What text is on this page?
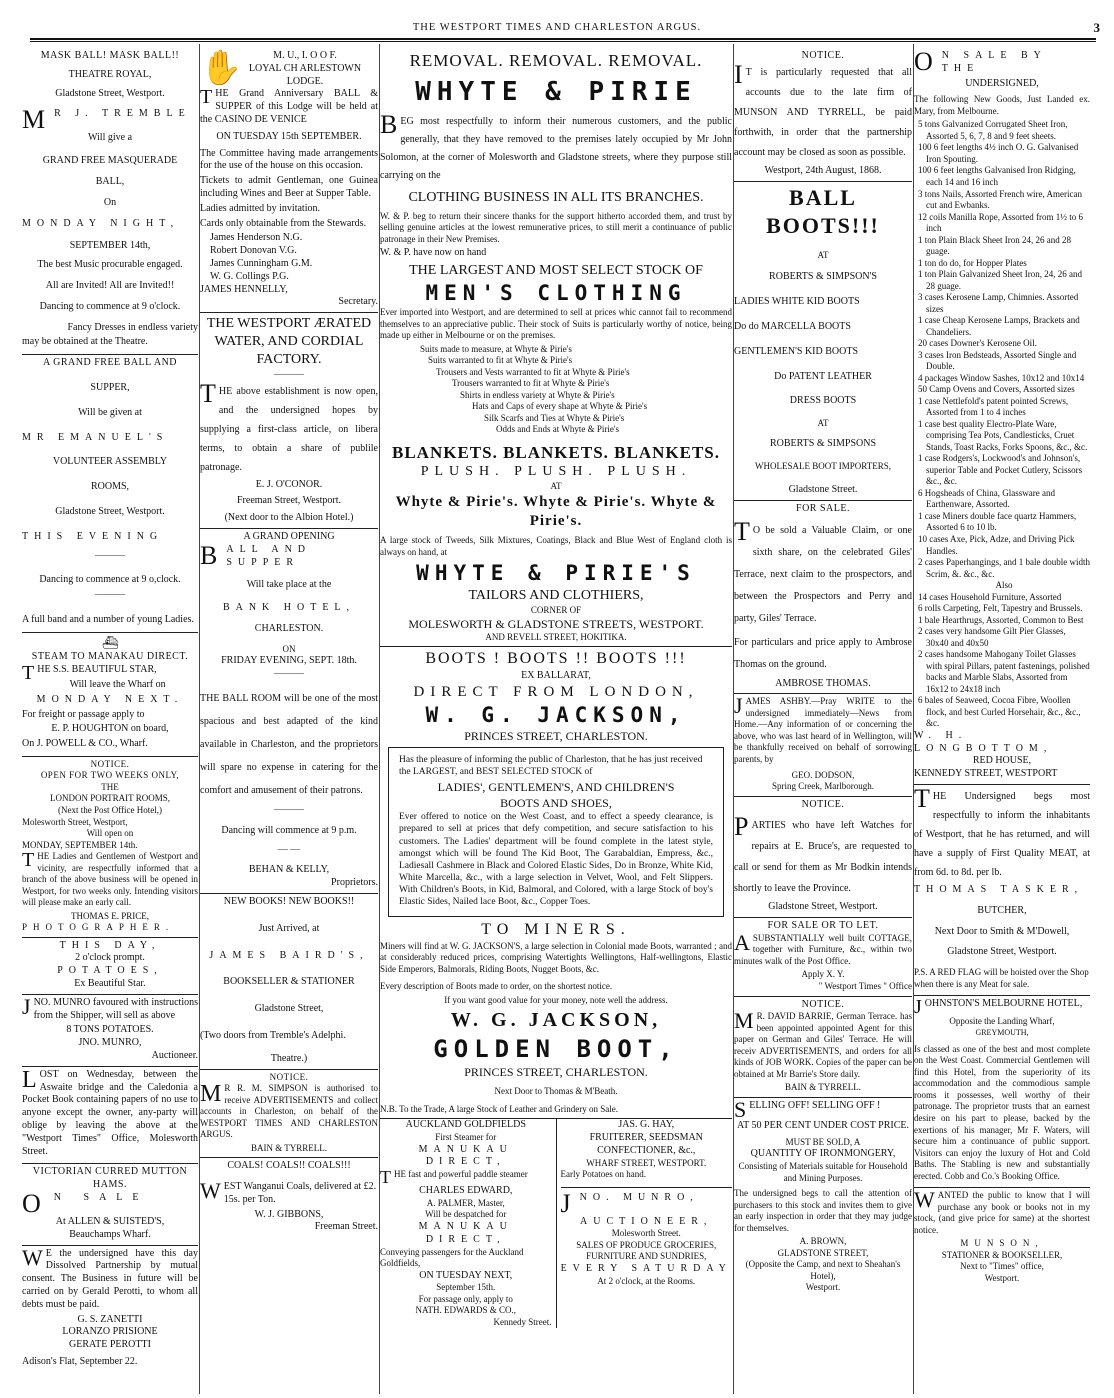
THE WESTPORT TIMES AND CHARLESTON ARGUS.	3
MASK BALL! MASK BALL!!

THEATRE ROYAL,

Gladstone Street, Westport.

M R J. TREMBLE

Will give a

GRAND FREE MASQUERADE

BALL,

On

MONDAY NIGHT,

SEPTEMBER 14th,

The best Music procurable engaged.

All are Invited! All are Invited!!

Dancing to commence at 9 o'clock.

Fancy Dresses in endless variety

may be obtained at the Theatre.

A GRAND FREE BALL AND

SUPPER,

Will be given at

MR EMANUEL'S

VOLUNTEER ASSEMBLY

ROOMS,

Gladstone Street, Westport.

THIS EVENING

———

Dancing to commence at 9 o,clock.

———

A full band and a number of young Ladies.

⛴
STEAM TO MANAKAU DIRECT.

THE S.S. BEAUTIFUL STAR,

Will leave the Wharf on

MONDAY NEXT.

For freight or passage apply to

E. P. HOUGHTON on board,

On J. POWELL & CO., Wharf.

NOTICE.
OPEN FOR TWO WEEKS ONLY,
THE
LONDON PORTRAIT ROOMS,
(Next the Post Office Hotel,)
Molesworth Street, Westport,
Will open on
MONDAY, SEPTEMBER 14th.

THE Ladies and Gentlemen of Westport and vicinity, are respectfully informed that a branch of the above business will be opened in Westport, for two weeks only. Intending visitors will please make an early call.

THOMAS E. PRICE,
PHOTOGRAPHER.
THIS DAY,
2 o'clock prompt.
POTATOES,
Ex Beautiful Star.

JNO. MUNRO favoured with instructions from the Shipper, will sell as above

8 TONS POTATOES.
JNO. MUNRO,
Auctioneer.

LOST on Wednesday, between the Aswaite bridge and the Caledonia a Pocket Book containing papers of no use to anyone except the owner, any-party will oblige by leaving the above at the "Westport Times" Office, Molesworth Street.

VICTORIAN CURRED MUTTON HAMS.

O N SALE

At ALLEN & SUISTED'S,
Beauchamps Wharf.

W E the undersigned have this day Dissolved Partnership by mutual consent. The Business in future will be carried on by Gerald Perotti, to whom all debts must be paid.

G. S. ZANETTI
LORANZO PRISIONE
GERATE PEROTTI
Adison's Flat, September 22.
✋	M. U., I. O O F.
LOYAL CH ARLESTOWN
LODGE.

THE Grand Anniversary BALL & SUPPER of this Lodge will be held at the CASINO DE VENICE

ON TUESDAY 15th SEPTEMBER.

The Committee having made arrangements for the use of the house on this occasion.

Tickets to admit Gentleman, one Guinea including Wines and Beer at Supper Table.

Ladies admitted by invitation.

Cards only obtainable from the Stewards.

James Henderson N.G.
Robert Donovan V.G.
James Cunningham G.M.
W. G. Collings P.G.
JAMES HENNELLY,
Secretary.
THE WESTPORT ÆRATED
WATER, AND CORDIAL
FACTORY.
———

THE above establishment is now open, and the undersigned hopes by supplying a first-class article, on libera terms, to obtain a share of publile patronage.

E. J. O'CONOR.
Freeman Street, Westport.
(Next door to the Albion Hotel.)
A GRAND OPENING

BALL AND SUPPER

Will take place at the
BANK HOTEL,
CHARLESTON.
ON
FRIDAY EVENING, SEPT. 18th.
———

THE BALL ROOM will be one of the most spacious and best adapted of the kind available in Charleston, and the proprietors will spare no expense in catering for the comfort and amusement of their patrons.

———
Dancing will commence at 9 p.m.
— —
BEHAN & KELLY,
Proprietors.
NEW BOOKS! NEW BOOKS!!
Just Arrived, at
JAMES BAIRD'S,
BOOKSELLER & STATIONER
Gladstone Street,
(Two doors from Tremble's Adelphi.
Theatre.)
NOTICE.

M R R. M. SIMPSON is authorised to receive ADVERTISEMENTS and collect accounts in Charleston, on behalf of the WESTPORT TIMES AND CHARLESTON ARGUS.

BAIN & TYRRELL.
COALS! COALS!! COALS!!!

WEST Wanganui Coals, delivered at £2. 15s. per Ton.

W. J. GIBBONS,
Freeman Street.
REMOVAL. REMOVAL. REMOVAL.
WHYTE & PIRIE

BEG most respectfully to inform their numerous customers, and the public generally, that they have removed to the premises lately occupied by Mr John Solomon, at the corner of Molesworth and Gladstone streets, where they purpose still carrying on the

CLOTHING BUSINESS IN ALL ITS BRANCHES.

W. & P. beg to return their sincere thanks for the support hitherto accorded them, and trust by selling genuine articles at the lowest remunerative prices, to still merit a continuance of public patronage in their New Premises.

W. & P. have now on hand

THE LARGEST AND MOST SELECT STOCK OF
MEN'S CLOTHING

Ever imported into Westport, and are determined to sell at prices whic cannot fail to recommend themselves to an appreciative public. Their stock of Suits is particularly worthy of notice, being made up either in Melbourne or on the premises.

Suits made to measure, at Whyte & Pirie's
Suits warranted to fit at Whyte & Pirie's
Trousers and Vests warranted to fit at Whyte & Pirie's
Trousers warranted to fit at Whyte & Pirie's
Shirts in endless variety at Whyte & Pirie's
Hats and Caps of every shape at Whyte & Pirie's
Silk Scarfs and Ties at Whyte & Pirie's
Odds and Ends at Whyte & Pirie's
BLANKETS. BLANKETS. BLANKETS.
PLUSH. PLUSH. PLUSH.
AT
Whyte & Pirie's. Whyte & Pirie's. Whyte & Pirie's.

A large stock of Tweeds, Silk Mixtures, Coatings, Black and Blue West of England cloth is always on hand, at

WHYTE & PIRIE'S
TAILORS AND CLOTHIERS,
CORNER OF
MOLESWORTH & GLADSTONE STREETS, WESTPORT.
AND REVELL STREET, HOKITIKA.
BOOTS ! BOOTS !! BOOTS !!!
EX BALLARAT,
DIRECT FROM LONDON,
W. G. JACKSON,
PRINCES STREET, CHARLESTON.

Has the pleasure of informing the public of Charleston, that he has just received the LARGEST, and BEST SELECTED STOCK of

LADIES', GENTLEMEN'S, AND CHILDREN'S
BOOTS AND SHOES,

Ever offered to notice on the West Coast, and to effect a speedy clearance, is prepared to sell at prices that defy competition, and secure satisfaction to his customers. The Ladies' department will be found complete in the latest style, amongst which will be found The Kid Boot, The Garabaldian, Empress, &c., Ladiesall Cashmere in Black and Colored Elastic Sides, Do in Bronze, White Kid, White Marcella, &c., with a large selection in Velvet, Wool, and Felt Slippers. With Children's Boots, in Kid, Balmoral, and Colored, with a large Stock of boy's Elastic Sides, Nailed lace Boot, &c., Copper Toes.

TO MINERS.

Miners will find at W. G. JACKSON'S, a large selection in Colonial made Boots, warranted ; and at considerably reduced prices, comprising Watertights Wellingtons, Half-wellingtons, Elastic Side Emperors, Balmorals, Riding Boots, Nugget Boots, &c.

Every description of Boots made to order, on the shortest notice.

If you want good value for your money, note well the address.

W. G. JACKSON,
GOLDEN BOOT,
PRINCES STREET, CHARLESTON.
Next Door to Thomas & M'Beath.
N.B. To the Trade, A large Stock of Leather and Grindery on Sale.
AUCKLAND GOLDFIELDS
First Steamer for
MANUKAU DIRECT,

THE fast and powerful paddle steamer

CHARLES EDWARD,
A. PALMER, Master,
Will be despatched for
MANUKAU DIRECT,
Conveying passengers for the Auckland Goldfields,
ON TUESDAY NEXT,
September 15th.
For passage only, apply to
NATH. EDWARDS & CO.,
Kennedy Street.
JAS. G. HAY,
FRUITERER, SEEDSMAN
CONFECTIONER, &c.,
WHARF STREET, WESTPORT.
Early Potatoes on hand.

JNO. MUNRO,

AUCTIONEER,
Molesworth Street.
SALES OF PRODUCE GROCERIES, FURNITURE AND SUNDRIES,
EVERY SATURDAY
At 2 o'clock, at the Rooms.
NOTICE.

I T is particularly requested that all accounts due to the late firm of MUNSON AND TYRRELL, be paid forthwith, in order that the partnership account may be closed as soon as possible.

Westport, 24th August, 1868.
BALL BOOTS!!!
AT
ROBERTS & SIMPSON'S
LADIES WHITE KID BOOTS
Do do MARCELLA BOOTS
GENTLEMEN'S KID BOOTS
Do PATENT LEATHER
DRESS BOOTS
AT
ROBERTS & SIMPSONS
WHOLESALE BOOT IMPORTERS,
Gladstone Street.
FOR SALE.

T O be sold a Valuable Claim, or one sixth share, on the celebrated Giles' Terrace, next claim to the prospectors, and between the Prospectors and Perry and party, Giles' Terrace.

For particulars and price apply to Ambrose Thomas on the ground.

AMBROSE THOMAS.

JAMES ASHBY.—Pray WRITE to the undersigned immediately—News from Home.—Any information of or concerning the above, who was last heard of in Wellington, will be thankfully received on behalf of sorrowing parents, by

GEO. DODSON,
Spring Creek, Marlborough.
NOTICE.

PARTIES who have left Watches for repairs at E. Bruce's, are requested to call or send for them as Mr Bodkin intends shortly to leave the Province.

Gladstone Street, Westport.
FOR SALE OR TO LET.

ASUBSTANTIALLY well built COTTAGE, together with Furniture, &c., within two minutes walk of the Post Office.

Apply X. Y.
" Westport Times " Office
NOTICE.

M R. DAVID BARRIE, German Terrace. has been appointed appointed Agent for this paper on German and Giles' Terrace. He will receiv ADVERTISEMENTS, and orders for all kinds of JOB WORK. Copies of the paper can be obtained at Mr Barrie's Store daily.

BAIN & TYRRELL.

SELLING OFF! SELLING OFF !

AT 50 PER CENT UNDER COST PRICE.
MUST BE SOLD, A
QUANTITY OF IRONMONGERY,
Consisting of Materials suitable for Household and Mining Purposes.

The undersigned begs to call the attention of purchasers to this stock and invites them to give an early inspection in order that they may judge for themselves.

A. BROWN,
GLADSTONE STREET,
(Opposite the Camp, and next to Sheahan's Hotel),
Westport.

O N SALE BY THE

UNDERSIGNED,

The following New Goods, Just Landed ex. Mary, from Melbourne.

5 tons Galvanized Corrugated Sheet Iron, Assorted 5, 6, 7, 8 and 9 feet sheets.
100 6 feet lengths 4½ inch O. G. Galvanised Iron Spouting.
100 6 feet lengths Galvanised Iron Ridging, each 14 and 16 inch
3 tons Nails, Assorted French wire, American cut and Ewbanks.
12 coils Manilla Rope, Assorted from 1½ to 6 inch
1 ton Plain Black Sheet Iron 24, 26 and 28 guage.
1 ton do do, for Hopper Plates
1 ton Plain Galvanized Sheet Iron, 24, 26 and 28 guage.
3 cases Kerosene Lamp, Chimnies. Assorted sizes
1 case Cheap Kerosene Lamps, Brackets and Chandeliers.
20 cases Downer's Kerosene Oil.
3 cases Iron Bedsteads, Assorted Single and Double.
4 packages Window Sashes, 10x12 and 10x14
50 Camp Ovens and Covers, Assorted sizes
1 case Nettlefold's patent pointed Screws, Assorted from 1 to 4 inches
1 case best quality Electro-Plate Ware, comprising Tea Pots, Candlesticks, Cruet Stands, Toast Racks, Forks Spoons, &c., &c.
1 case Rodgers's, Lockwood's and Johnson's, superior Table and Pocket Cutlery, Scissors &c., &c.
6 Hogsheads of China, Glassware and Earthenware, Assorted.
1 case Miners double face quartz Hammers, Assorted 6 to 10 lb.
10 cases Axe, Pick, Adze, and Driving Pick Handles.
2 cases Paperhangings, and 1 bale double width Scrim, &. &c., &c.
Also
14 cases Household Furniture, Assorted
6 rolls Carpeting, Felt, Tapestry and Brussels.
1 bale Hearthrugs, Assorted, Common to Best
2 cases very handsome Gilt Pier Glasses, 30x40 and 40x50
2 cases handsome Mahogany Toilet Glasses with spiral Pillars, patent fastenings, polished backs and Marble Slabs, Assorted from 16x12 to 24x18 inch
6 bales of Seaweed, Cocoa Fibre, Woollen flock, and best Curled Horsehair, &c., &c., &c.
W. H. LONGBOTTOM,
RED HOUSE,
KENNEDY STREET, WESTPORT

THE Undersigned begs most respectfully to inform the inhabitants of Westport, that he has returned, and will have a supply of First Quality MEAT, at from 6d. to 8d. per lb.

THOMAS TASKER,
BUTCHER,
Next Door to Smith & M'Dowell,
Gladstone Street, Westport.

P.S. A RED FLAG will be hoisted over the Shop when there is any Meat for sale.

JOHNSTON'S MELBOURNE HOTEL,

Opposite the Landing Wharf,
GREYMOUTH,

Is classed as one of the best and most complete on the West Coast. Commercial Gentlemen will find this Hotel, from the superiority of its accommodation and the commodious sample rooms it possesses, well worthy of their patronage. The proprietor trusts that an earnest desire on his part to please, backed by the exertions of his manager, Mr F. Waters, will secure him a continuance of public support. Visitors can enjoy the luxury of Hot and Cold Baths. The Stabling is new and substantially erected. Cobb and Co.'s Booking Office.

WANTED the public to know that I will purchase any book or books not in my stock, (and give price for same) at the shortest notice.

MUNSON,
STATIONER & BOOKSELLER,
Next to "Times" office,
Westport.
